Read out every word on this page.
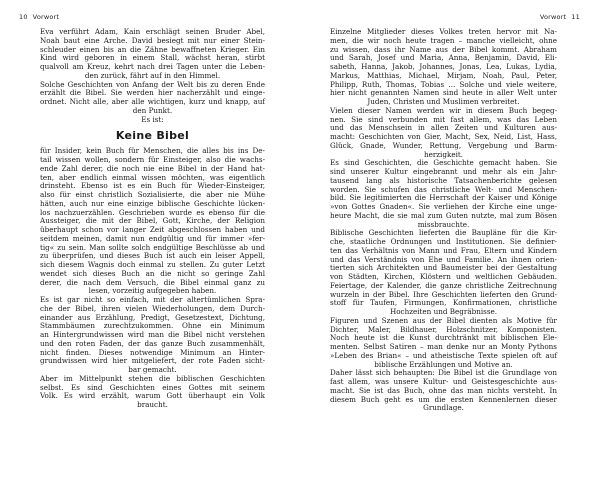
10 Vorwort
Eva verführt Adam, Kain erschlägt seinen Bruder Abel,
Noah baut eine Arche. David besiegt mit nur einer Stein-
schleuder einen bis an die Zähne bewaffneten Krieger. Ein
Kind wird geboren in einem Stall, wächst heran, stirbt
qualvoll am Kreuz, kehrt nach drei Tagen unter die Leben-
den zurück, fährt auf in den Himmel.
Solche Geschichten von Anfang der Welt bis zu deren Ende
erzählt die Bibel. Sie werden hier nacherzählt und einge-
ordnet. Nicht alle, aber alle wichtigen, kurz und knapp, auf
den Punkt.
Es ist:
Keine Bibel
für Insider, kein Buch für Menschen, die alles bis ins De-
tail wissen wollen, sondern für Einsteiger, also die wachs-
ende Zahl derer, die noch nie eine Bibel in der Hand hat-
ten, aber endlich einmal wissen möchten, was eigentlich
drinsteht. Ebenso ist es ein Buch für Wieder-Einsteiger,
also für einst christlich Sozialisierte, die aber nie Mühe
hätten, auch nur eine einzige biblische Geschichte lücken-
los nachzuerzählen. Geschrieben wurde es ebenso für die
Aussteiger, die mit der Bibel, Gott, Kirche, der Religion
überhaupt schon vor langer Zeit abgeschlossen haben und
seitdem meinen, damit nun endgültig und für immer »fer-
tig« zu sein. Man sollte solch endgültige Beschlüsse ab und
zu überprüfen, und dieses Buch ist auch ein leiser Appell,
sich diesem Wagnis doch einmal zu stellen. Zu guter Letzt
wendet sich dieses Buch an die nicht so geringe Zahl
derer, die nach dem Versuch, die Bibel einmal ganz zu
lesen, vorzeitig aufgegeben haben.
Es ist gar nicht so einfach, mit der altertümlichen Spra-
che der Bibel, ihren vielen Wiederholungen, dem Durch-
einander aus Erzählung, Predigt, Gesetzestext, Dichtung,
Stammbäumen zurechtzukommen. Ohne ein Minimum
an Hintergrundwissen wird man die Bibel nicht verstehen
und den roten Faden, der das ganze Buch zusammenhält,
nicht finden. Dieses notwendige Minimum an Hinter-
grundwissen wird hier mitgeliefert, der rote Faden sicht-
bar gemacht.
Aber im Mittelpunkt stehen die biblischen Geschichten
selbst. Es sind Geschichten eines Gottes mit seinem
Volk. Es wird erzählt, warum Gott überhaupt ein Volk
braucht.
Vorwort 11
Einzelne Mitglieder dieses Volkes treten hervor mit Na-
men, die wir noch heute tragen – manche vielleicht, ohne
zu wissen, dass ihr Name aus der Bibel kommt. Abraham
und Sarah, Josef und Maria, Anna, Benjamin, David, Eli-
sabeth, Hanna, Jakob, Johannes, Jonas, Lea, Lukas, Lydia,
Markus, Matthias, Michael, Mirjam, Noah, Paul, Peter,
Philipp, Ruth, Thomas, Tobias … Solche und viele weitere,
hier nicht genannten Namen sind heute in aller Welt unter
Juden, Christen und Muslimen verbreitet.
Vielen dieser Namen werden wir in diesem Buch begeg-
nen. Sie sind verbunden mit fast allem, was das Leben
und das Menschsein in allen Zeiten und Kulturen aus-
macht: Geschichten von Gier, Macht, Sex, Neid, List, Hass,
Glück, Gnade, Wunder, Rettung, Vergebung und Barm-
herzigkeit.
Es sind Geschichten, die Geschichte gemacht haben. Sie
sind unserer Kultur eingebrannt und mehr als ein Jahr-
tausend lang als historische Tatsachenberichte gelesen
worden. Sie schufen das christliche Welt- und Menschen-
bild. Sie legitimierten die Herrschaft der Kaiser und Könige
»von Gottes Gnaden«. Sie verliehen der Kirche eine unge-
heure Macht, die sie mal zum Guten nutzte, mal zum Bösen
missbrauchte.
Biblische Geschichten lieferten die Baupläne für die Kir-
che, staatliche Ordnungen und Institutionen. Sie definier-
ten das Verhältnis von Mann und Frau, Eltern und Kindern
und das Verständnis von Ehe und Familie. An ihnen orien-
tierten sich Architekten und Baumeister bei der Gestaltung
von Städten, Kirchen, Klöstern und weltlichen Gebäuden.
Feiertage, der Kalender, die ganze christliche Zeitrechnung
wurzeln in der Bibel. Ihre Geschichten lieferten den Grund-
stoff für Taufen, Firmungen, Konfirmationen, christliche
Hochzeiten und Begräbnisse.
Figuren und Szenen aus der Bibel dienten als Motive für
Dichter, Maler, Bildhauer, Holzschnitzer, Komponisten.
Noch heute ist die Kunst durchtränkt mit biblischen Ele-
menten. Selbst Satiren – man denke nur an Monty Pythons
»Leben des Brian« – und atheistische Texte spielen oft auf
biblische Erzählungen und Motive an.
Daher lässt sich behaupten: Die Bibel ist die Grundlage von
fast allem, was unsere Kultur- und Geistesgeschichte aus-
macht. Sie ist das Buch, ohne das man nichts versteht. In
diesem Buch geht es um die ersten Kennenlernen dieser
Grundlage.
